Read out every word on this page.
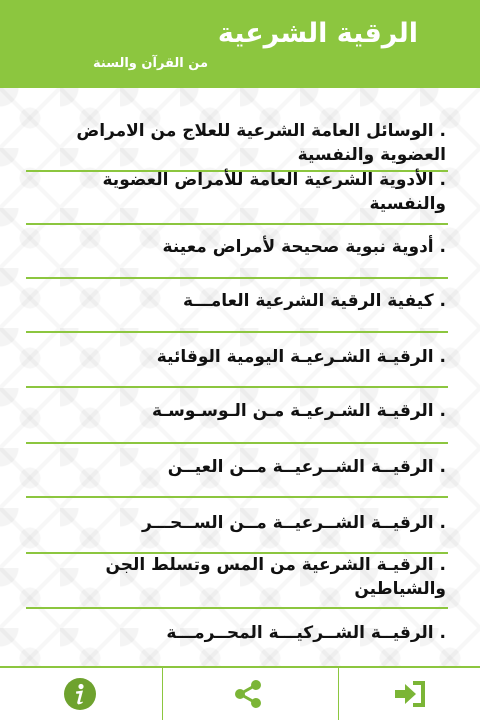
الرقية الشرعية
من القرآن والسنة
. الوسائل العامة الشرعية للعلاج من الامراض العضوية والنفسية
. الأدوية الشرعية العامة للأمراض العضوية والنفسية
. أدوية نبوية صحيحة لأمراض معينة
. كيفية الرقية الشرعية العامـــة
. الرقيـة الشـرعيـة اليومية الوقائية
. الرقيـة الشـرعيـة مـن الـوسـوسـة
. الرقيــة الشــرعيــة مــن العيــن
. الرقيــة الشــرعيــة مــن الســحـــر
. الرقيـة الشرعية من المس وتسلط الجن والشياطين
. الرقيــة الشــركيـــة المحــرمـــة
